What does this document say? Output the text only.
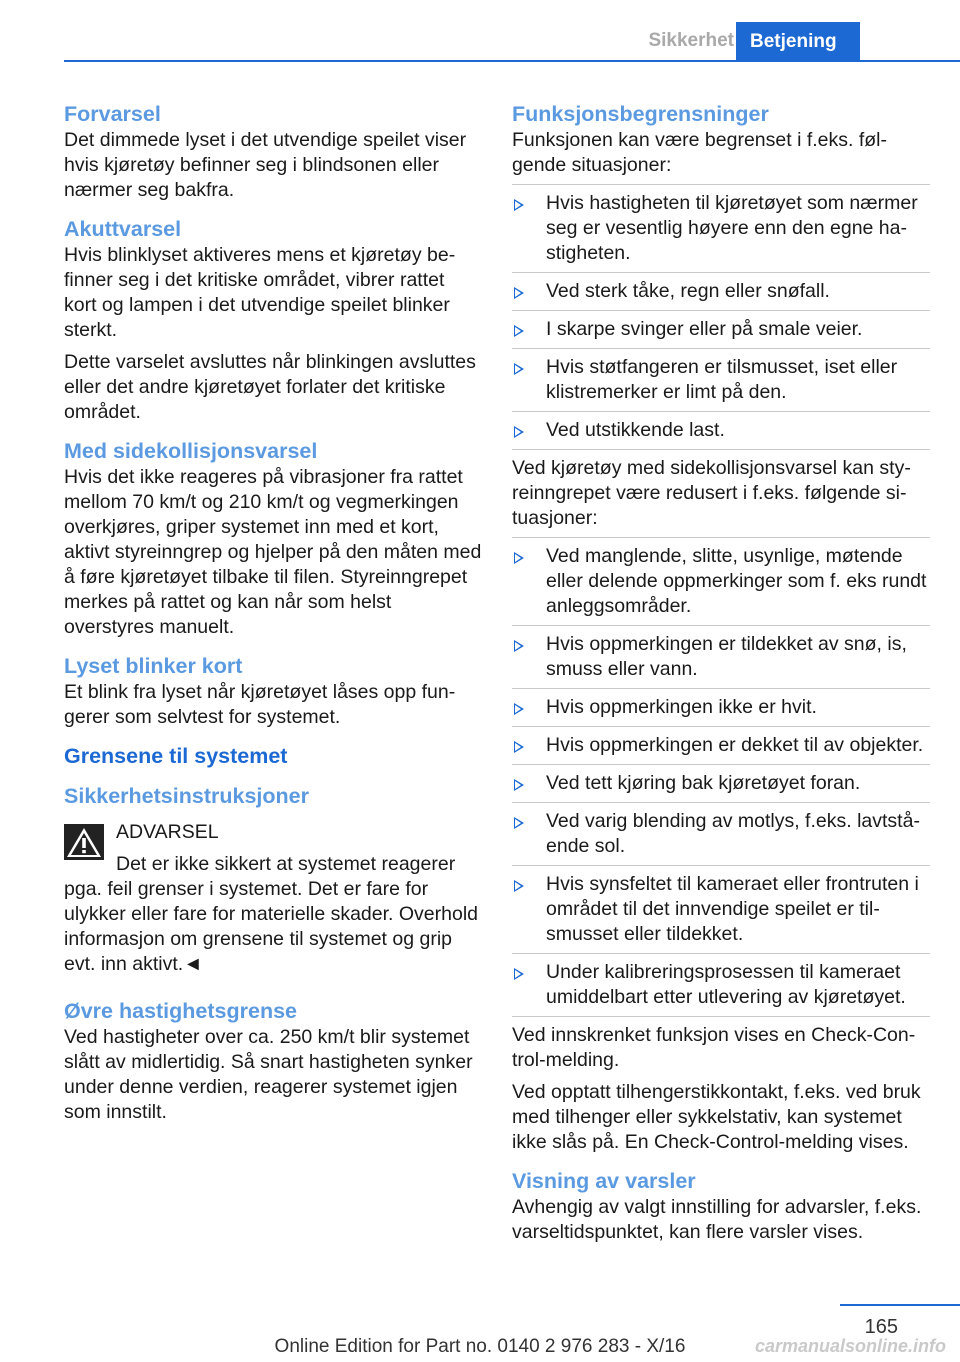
Sikkerhet Betjening
Forvarsel

Det dimmede lyset i det utvendige speilet viser hvis kjøretøy befinner seg i blindsonen eller nærmer seg bakfra.

Akuttvarsel

Hvis blinklyset aktiveres mens et kjøretøy befinner seg i det kritiske området, vibrer rattet kort og lampen i det utvendige speilet blinker sterkt.

Dette varselet avsluttes når blinkingen avsluttes eller det andre kjøretøyet forlater det kritiske området.

Med sidekollisjonsvarsel

Hvis det ikke reageres på vibrasjoner fra rattet mellom 70 km/t og 210 km/t og vegmerkingen overkjøres, griper systemet inn med et kort, aktivt styreinngrep og hjelper på den måten med å føre kjøretøyet tilbake til filen. Styreinngrepet merkes på rattet og kan når som helst overstyres manuelt.

Lyset blinker kort

Et blink fra lyset når kjøretøyet låses opp fungerer som selvtest for systemet.

Grensene til systemet
Sikkerhetsinstruksjoner
ADVARSEL

Det er ikke sikkert at systemet reagerer pga. feil grenser i systemet. Det er fare for ulykker eller fare for materielle skader. Overhold informasjon om grensene til systemet og grip evt. inn aktivt.◄

Øvre hastighetsgrense

Ved hastigheter over ca. 250 km/t blir systemet slått av midlertidig. Så snart hastigheten synker under denne verdien, reagerer systemet igjen som innstilt.

Funksjonsbegrensninger

Funksjonen kan være begrenset i f.eks. følgende situasjoner:

Hvis hastigheten til kjøretøyet som nærmer seg er vesentlig høyere enn den egne hastigheten.
Ved sterk tåke, regn eller snøfall.
I skarpe svinger eller på smale veier.
Hvis støtfangeren er tilsmusset, iset eller klistremerker er limt på den.
Ved utstikkende last.

Ved kjøretøy med sidekollisjonsvarsel kan styreinngrepet være redusert i f.eks. følgende situasjoner:

Ved manglende, slitte, usynlige, møtende eller delende oppmerkinger som f. eks rundt anleggsområder.
Hvis oppmerkingen er tildekket av snø, is, smuss eller vann.
Hvis oppmerkingen ikke er hvit.
Hvis oppmerkingen er dekket til av objekter.
Ved tett kjøring bak kjøretøyet foran.
Ved varig blending av motlys, f.eks. lavtstående sol.
Hvis synsfeltet til kameraet eller frontruten i området til det innvendige speilet er tilsmusset eller tildekket.
Under kalibreringsprosessen til kameraet umiddelbart etter utlevering av kjøretøyet.

Ved innskrenket funksjon vises en Check-Control-melding.

Ved opptatt tilhengerstikkontakt, f.eks. ved bruk med tilhenger eller sykkelstativ, kan systemet ikke slås på. En Check-Control-melding vises.

Visning av varsler

Avhengig av valgt innstilling for advarsler, f.eks. varseltidspunktet, kan flere varsler vises.

165
Online Edition for Part no. 0140 2 976 283 - X/16	carmanualsonline.info
